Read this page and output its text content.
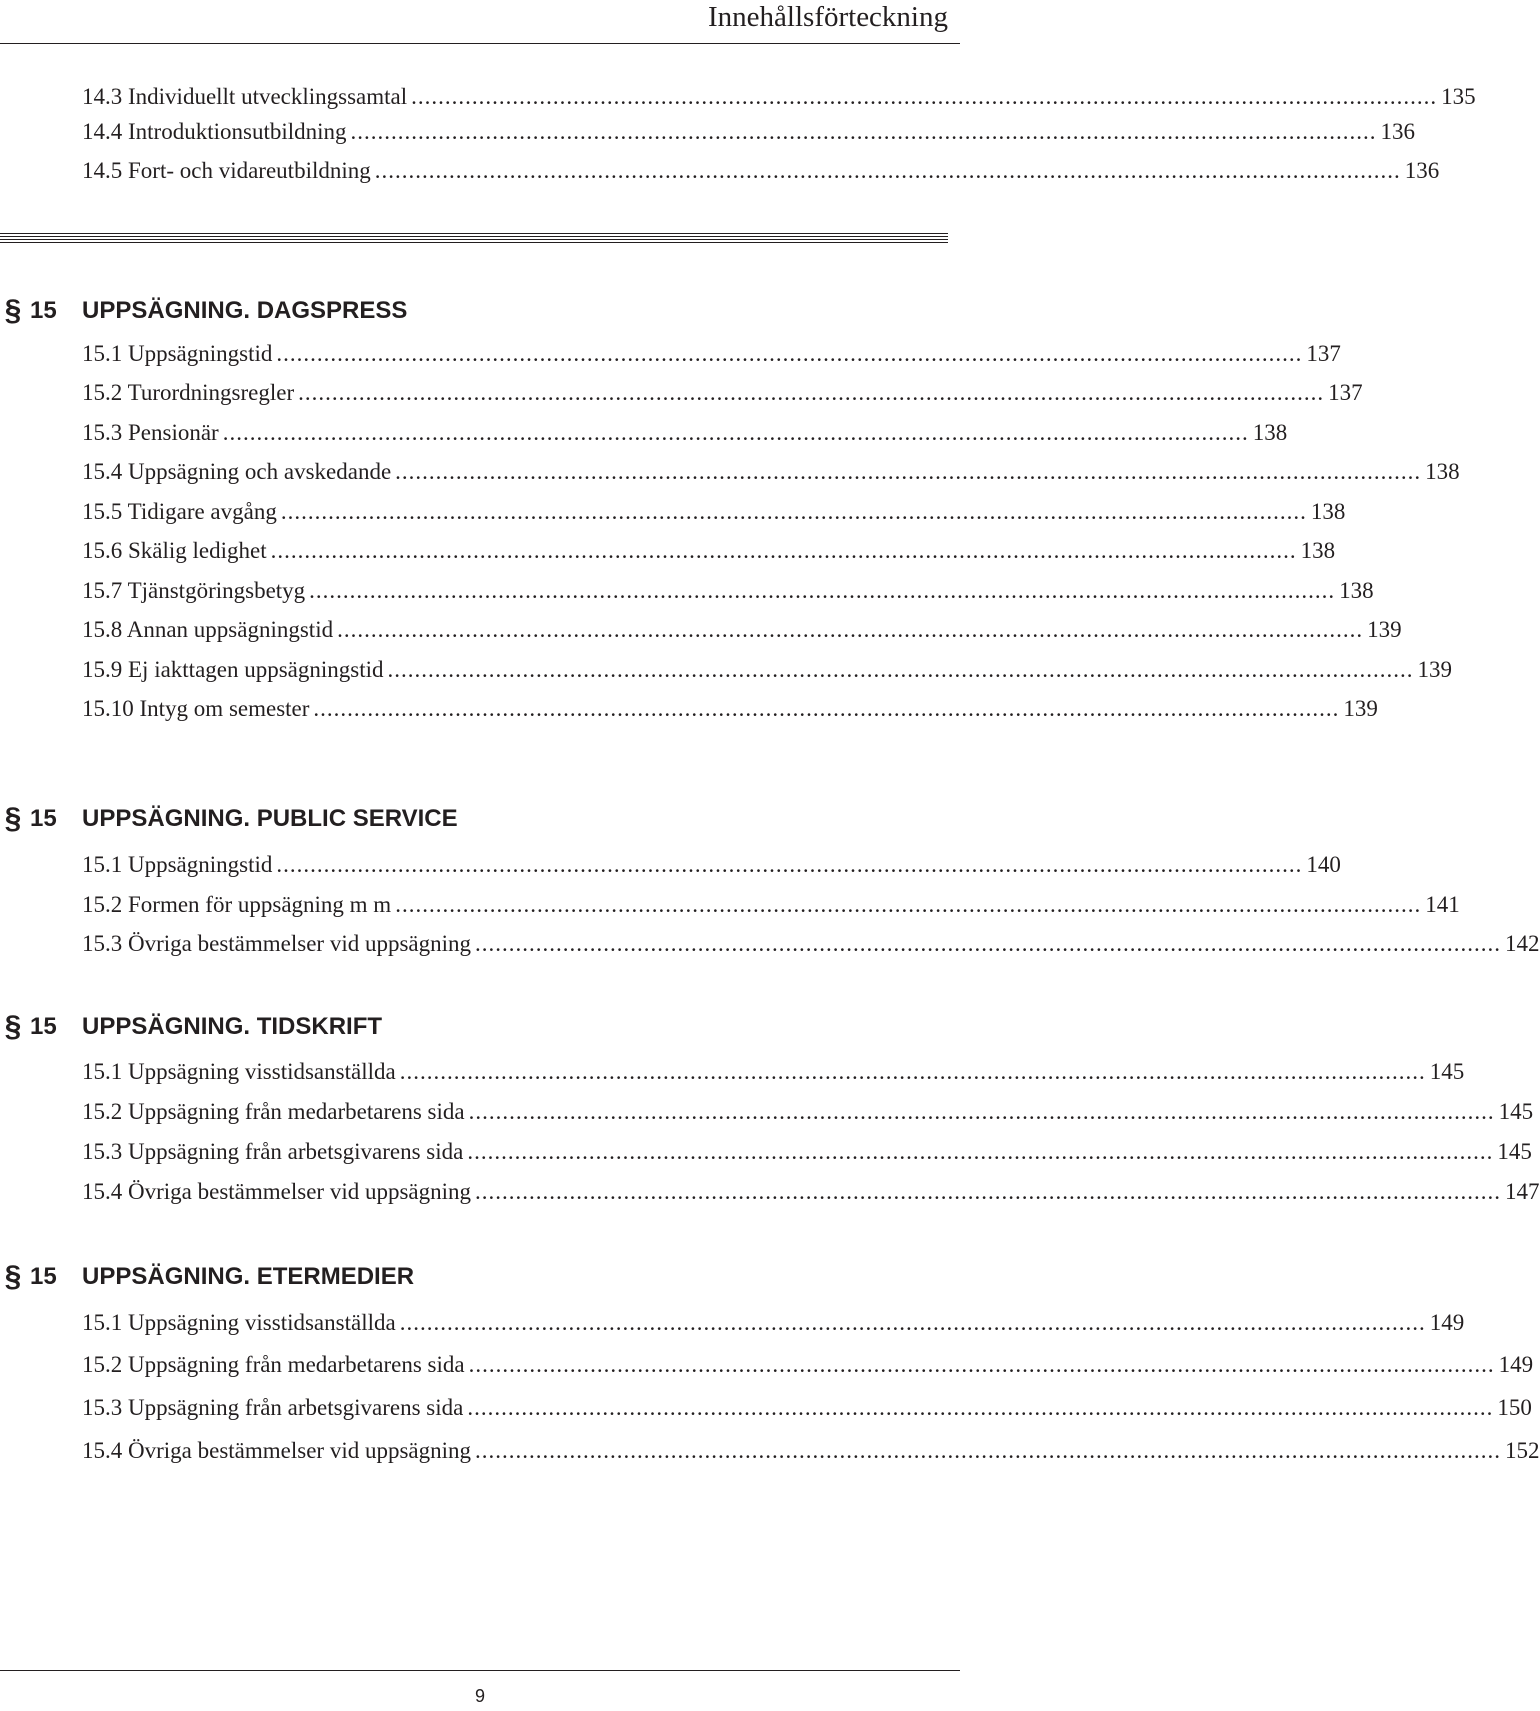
Innehållsförteckning
14.3 Individuellt utvecklingssamtal ........................................................................................................................................................ 135
14.4 Introduktionsutbildning ........................................................................................................................................................ 136
14.5 Fort- och vidareutbildning ........................................................................................................................................................ 136
§ 15	UPPSÄGNING. DAGSPRESS
15.1 Uppsägningstid ........................................................................................................................................................ 137
15.2 Turordningsregler ........................................................................................................................................................ 137
15.3 Pensionär ........................................................................................................................................................ 138
15.4 Uppsägning och avskedande ........................................................................................................................................................ 138
15.5 Tidigare avgång ........................................................................................................................................................ 138
15.6 Skälig ledighet ........................................................................................................................................................ 138
15.7 Tjänstgöringsbetyg ........................................................................................................................................................ 138
15.8 Annan uppsägningstid ........................................................................................................................................................ 139
15.9 Ej iakttagen uppsägningstid ........................................................................................................................................................ 139
15.10 Intyg om semester ........................................................................................................................................................ 139
§ 15	UPPSÄGNING. PUBLIC SERVICE
15.1 Uppsägningstid ........................................................................................................................................................ 140
15.2 Formen för uppsägning m m ........................................................................................................................................................ 141
15.3 Övriga bestämmelser vid uppsägning ........................................................................................................................................................ 142
§ 15	UPPSÄGNING. TIDSKRIFT
15.1 Uppsägning visstidsanställda ........................................................................................................................................................ 145
15.2 Uppsägning från medarbetarens sida ........................................................................................................................................................ 145
15.3 Uppsägning från arbetsgivarens sida ........................................................................................................................................................ 145
15.4 Övriga bestämmelser vid uppsägning ........................................................................................................................................................ 147
§ 15	UPPSÄGNING. ETERMEDIER
15.1 Uppsägning visstidsanställda ........................................................................................................................................................ 149
15.2 Uppsägning från medarbetarens sida ........................................................................................................................................................ 149
15.3 Uppsägning från arbetsgivarens sida ........................................................................................................................................................ 150
15.4 Övriga bestämmelser vid uppsägning ........................................................................................................................................................ 152
9
